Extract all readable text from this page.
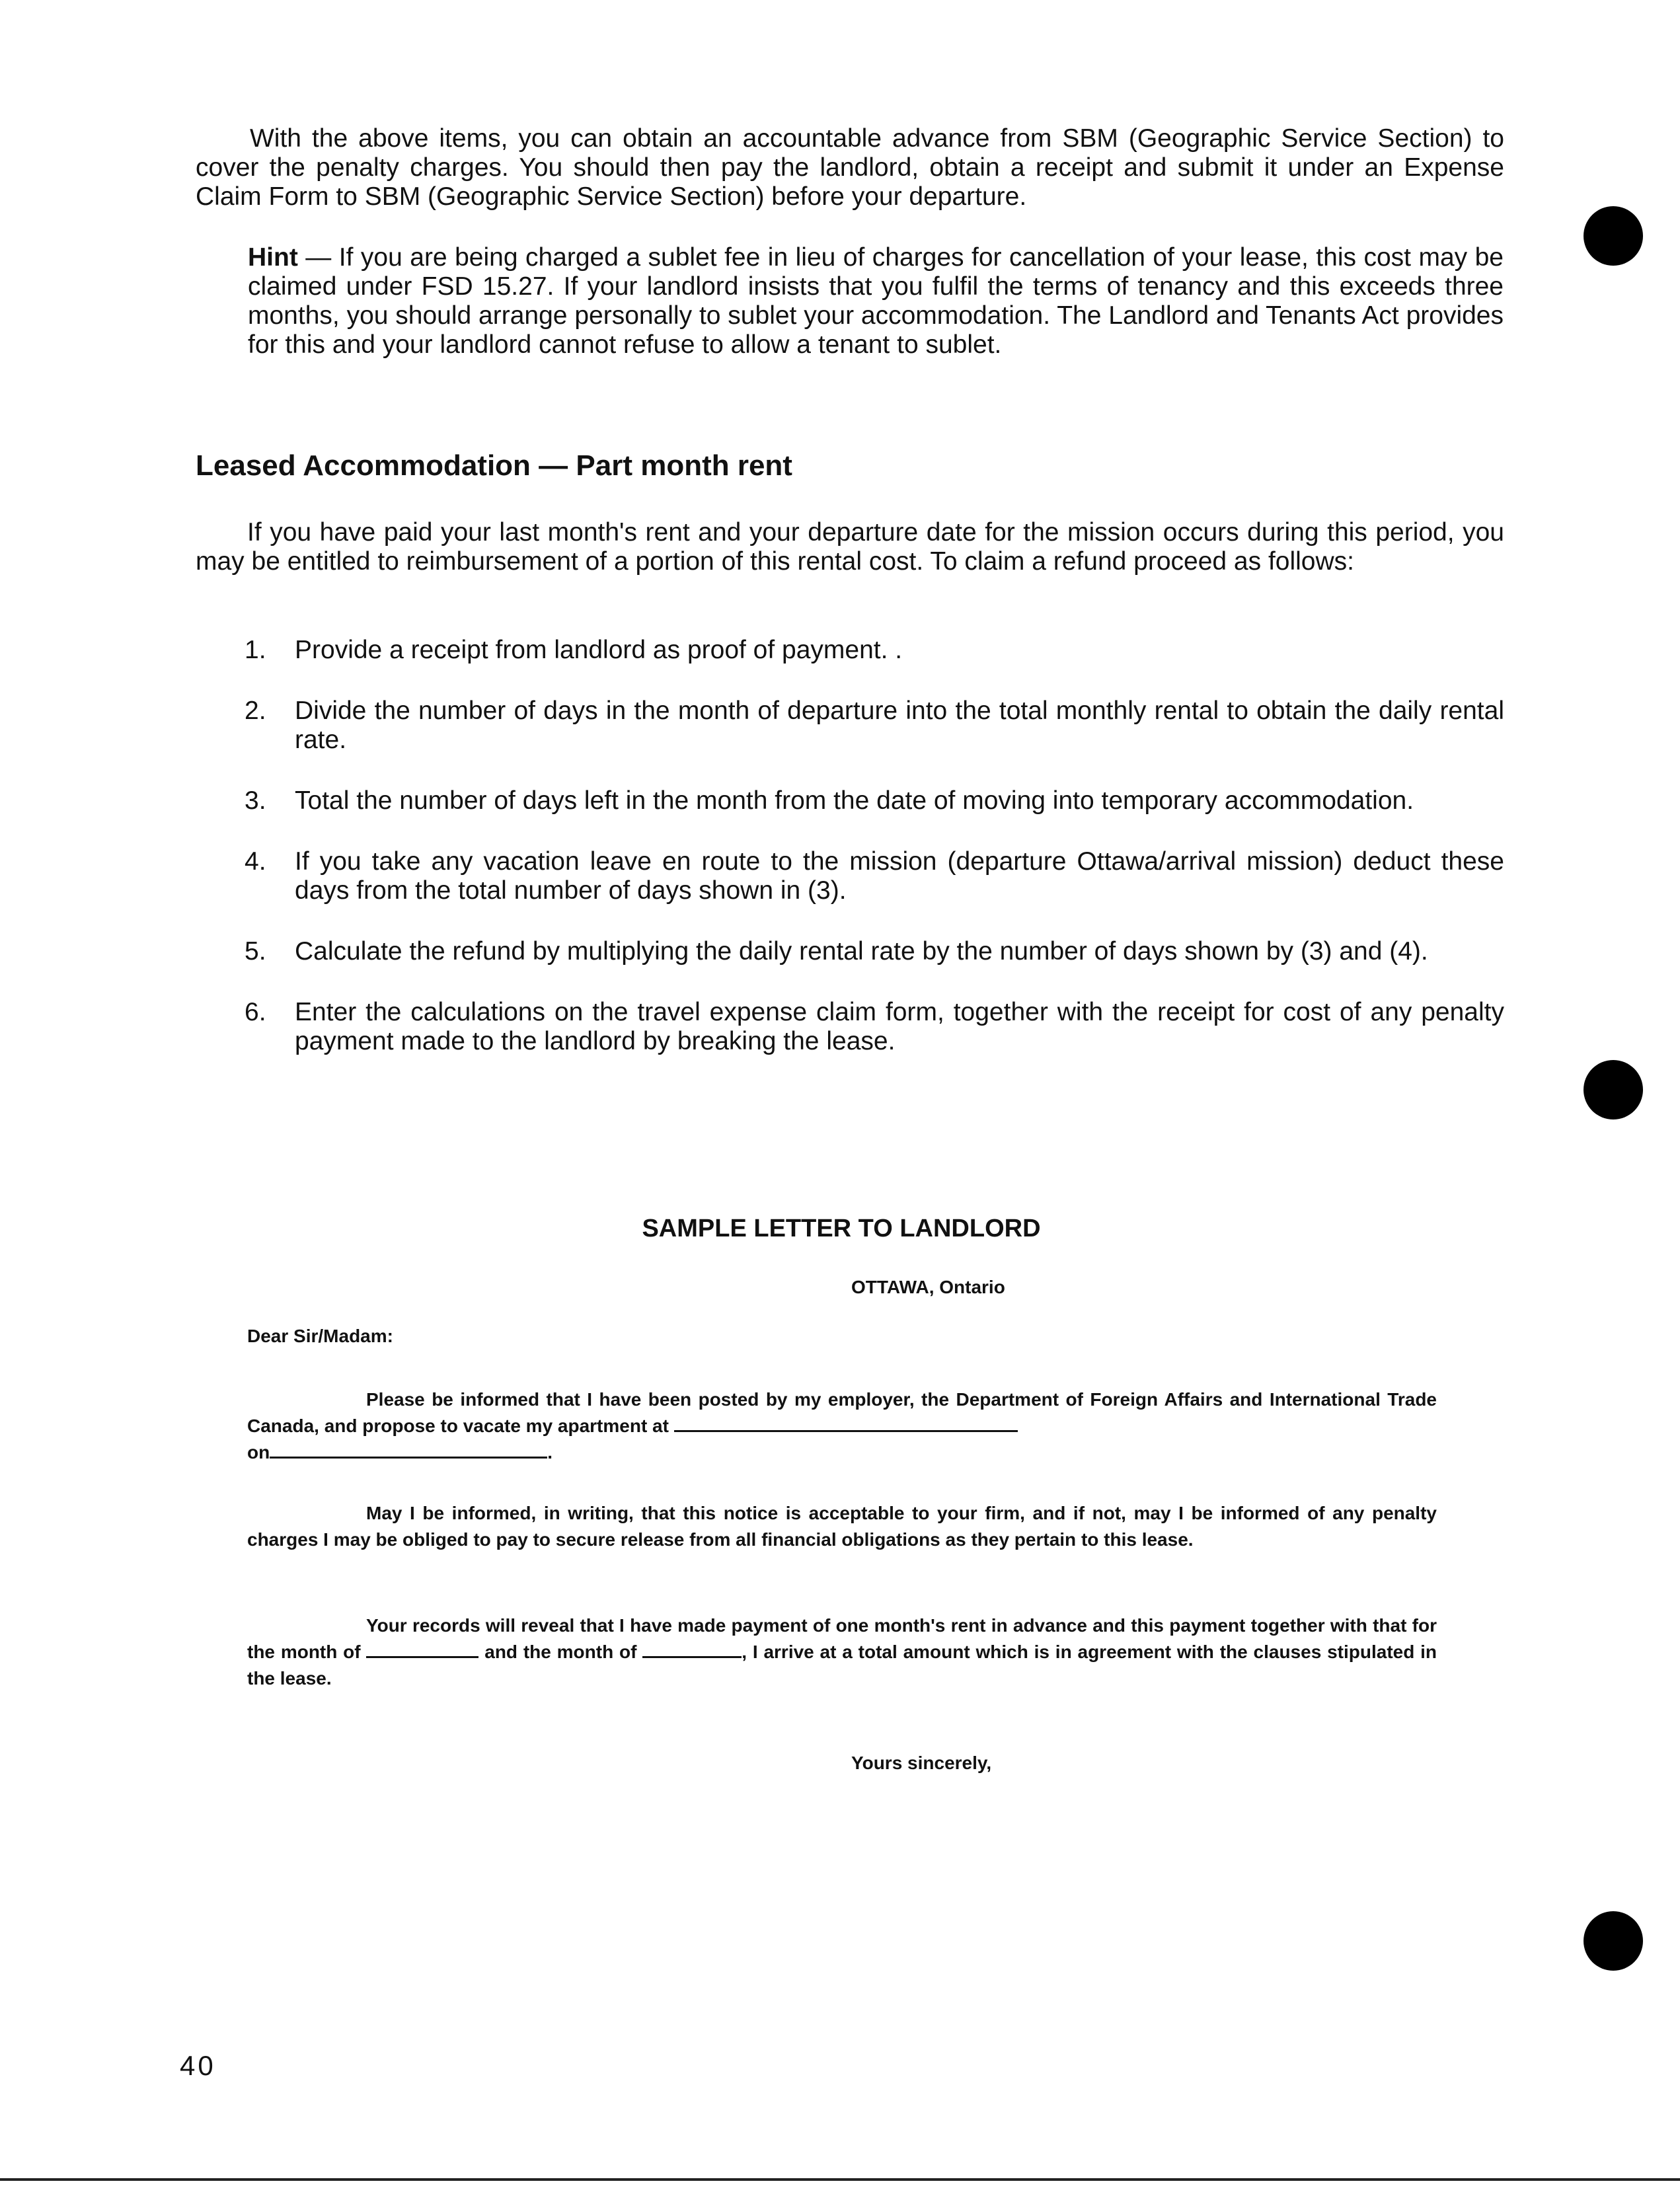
With the above items, you can obtain an accountable advance from SBM (Geographic Service Section) to cover the penalty charges. You should then pay the landlord, obtain a receipt and submit it under an Expense Claim Form to SBM (Geographic Service Section) before your departure.
Hint — If you are being charged a sublet fee in lieu of charges for cancellation of your lease, this cost may be claimed under FSD 15.27. If your landlord insists that you fulfil the terms of tenancy and this exceeds three months, you should arrange personally to sublet your accommodation. The Landlord and Tenants Act provides for this and your landlord cannot refuse to allow a tenant to sublet.
Leased Accommodation — Part month rent
If you have paid your last month's rent and your departure date for the mission occurs during this period, you may be entitled to reimbursement of a portion of this rental cost. To claim a refund proceed as follows:
1. Provide a receipt from landlord as proof of payment. .
2. Divide the number of days in the month of departure into the total monthly rental to obtain the daily rental rate.
3. Total the number of days left in the month from the date of moving into temporary accommodation.
4. If you take any vacation leave en route to the mission (departure Ottawa/arrival mission) deduct these days from the total number of days shown in (3).
5. Calculate the refund by multiplying the daily rental rate by the number of days shown by (3) and (4).
6. Enter the calculations on the travel expense claim form, together with the receipt for cost of any penalty payment made to the landlord by breaking the lease.
SAMPLE LETTER TO LANDLORD
OTTAWA, Ontario
Dear Sir/Madam:
Please be informed that I have been posted by my employer, the Department of Foreign Affairs and International Trade Canada, and propose to vacate my apartment at
on	.
May I be informed, in writing, that this notice is acceptable to your firm, and if not, may I be informed of any penalty charges I may be obliged to pay to secure release from all financial obligations as they pertain to this lease.
Your records will reveal that I have made payment of one month's rent in advance and this payment together with that for the month of	and the month of	, I arrive at a total amount which is in agreement with the clauses stipulated in the lease.
Yours sincerely,
40
